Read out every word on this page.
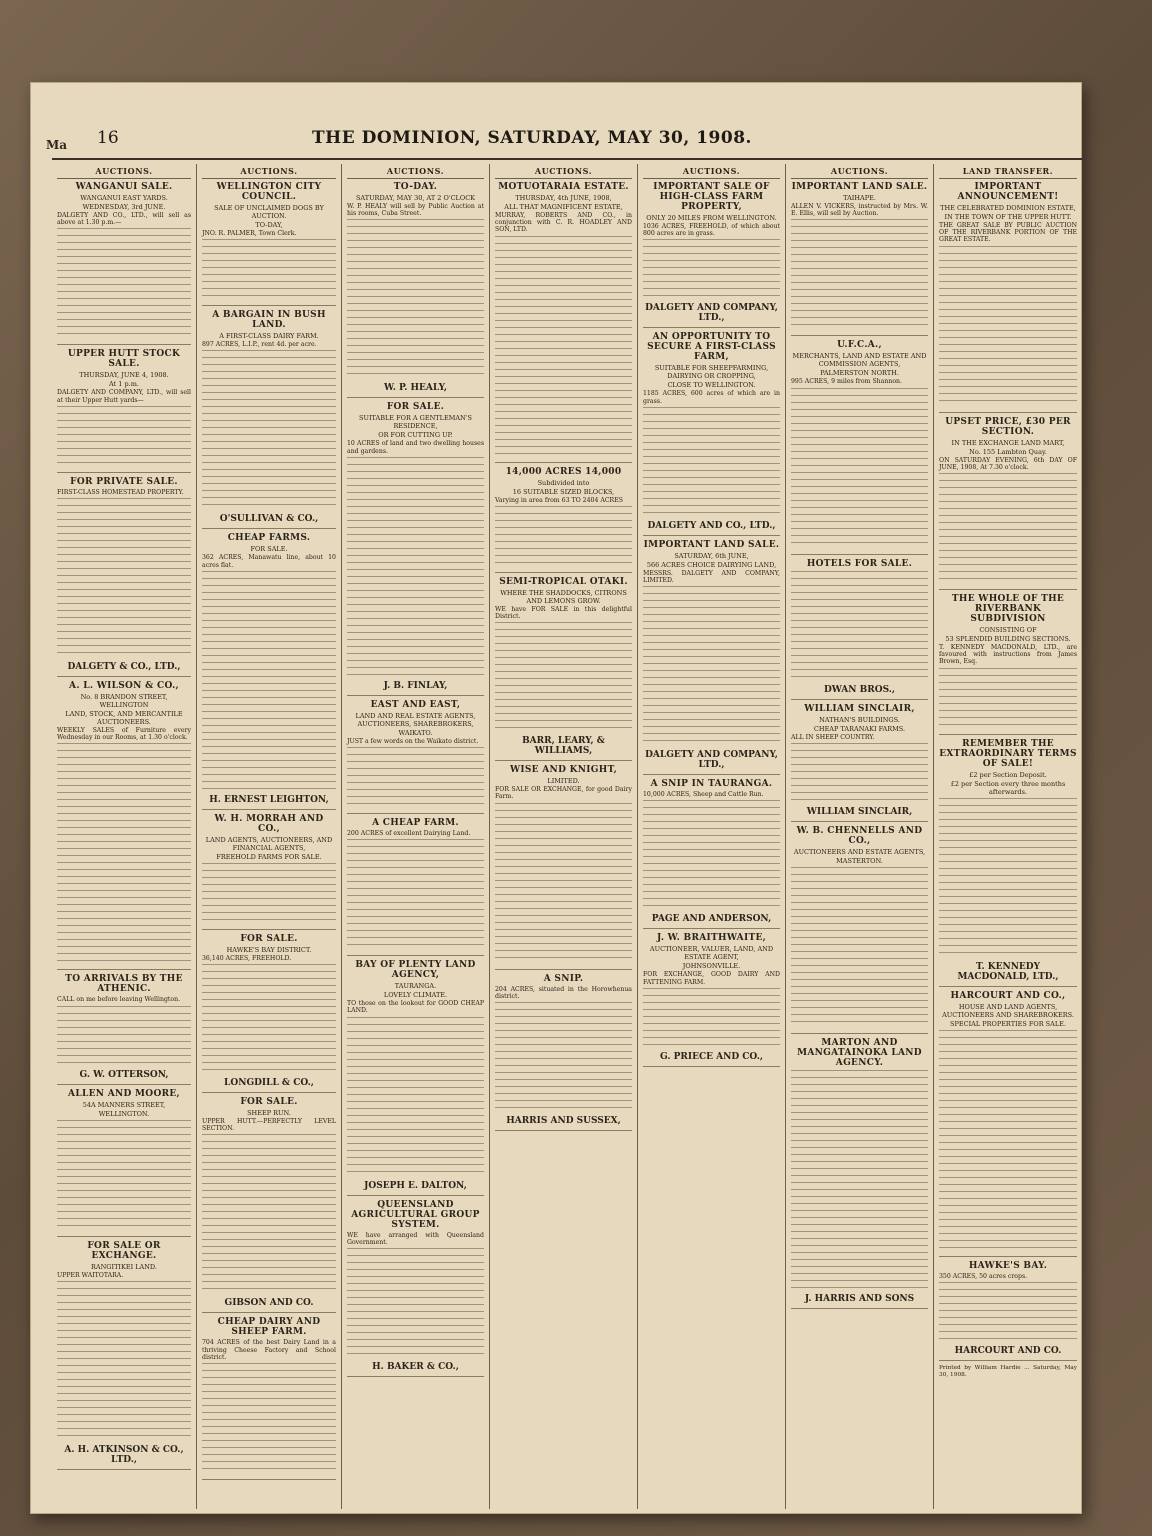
Ma 16	THE DOMINION, SATURDAY, MAY 30, 1908.
AUCTIONS.
WANGANUI SALE.
WANGANUI EAST YARDS.
WEDNESDAY, 3rd JUNE.
DALGETY AND CO., LTD., will sell as above at 1.30 p.m.—
UPPER HUTT STOCK SALE.
THURSDAY, JUNE 4, 1908.
At 1 p.m.
DALGETY AND COMPANY, LTD., will sell at their Upper Hutt yards—
FOR PRIVATE SALE.
FIRST-CLASS HOMESTEAD PROPERTY.
DALGETY & CO., LTD.,
A. L. WILSON & CO.,
No. 8 BRANDON STREET, WELLINGTON
LAND, STOCK, AND MERCANTILE AUCTIONEERS.
WEEKLY SALES of Furniture every Wednesday in our Rooms, at 1.30 o'clock.
TO ARRIVALS BY THE ATHENIC.
CALL on me before leaving Wellington.
G. W. OTTERSON,
ALLEN AND MOORE,
54A MANNERS STREET,
WELLINGTON.
FOR SALE OR EXCHANGE.
RANGITIKEI LAND.
UPPER WAITOTARA.
A. H. ATKINSON & CO., LTD.,
AUCTIONS.
WELLINGTON CITY COUNCIL.
SALE OF UNCLAIMED DOGS BY AUCTION.
TO-DAY,
JNO. R. PALMER, Town Clerk.
A BARGAIN IN BUSH LAND.
A FIRST-CLASS DAIRY FARM.
897 ACRES, L.I.P., rent 4d. per acre.
O'SULLIVAN & CO.,
CHEAP FARMS.
FOR SALE.
362 ACRES, Manawatu line, about 10 acres flat.
H. ERNEST LEIGHTON,
W. H. MORRAH AND CO.,
LAND AGENTS, AUCTIONEERS, AND FINANCIAL AGENTS,
FREEHOLD FARMS FOR SALE.
FOR SALE.
HAWKE'S BAY DISTRICT.
36,140 ACRES, FREEHOLD.
LONGDILL & CO.,
FOR SALE.
SHEEP RUN.
UPPER HUTT.—PERFECTLY LEVEL SECTION.
GIBSON AND CO.
CHEAP DAIRY AND SHEEP FARM.
704 ACRES of the best Dairy Land in a thriving Cheese Factory and School district.
AUCTIONS.
TO-DAY.
SATURDAY, MAY 30, AT 2 O'CLOCK
W. P. HEALY will sell by Public Auction at his rooms, Cuba Street.
W. P. HEALY,
FOR SALE.
SUITABLE FOR A GENTLEMAN'S RESIDENCE,
OR FOR CUTTING UP.
10 ACRES of land and two dwelling houses and gardens.
J. B. FINLAY,
EAST AND EAST,
LAND AND REAL ESTATE AGENTS, AUCTIONEERS, SHAREBROKERS,
WAIKATO.
JUST a few words on the Waikato district.
A CHEAP FARM.
200 ACRES of excellent Dairying Land.
BAY OF PLENTY LAND AGENCY,
TAURANGA.
LOVELY CLIMATE.
TO those on the lookout for GOOD CHEAP LAND.
JOSEPH E. DALTON,
QUEENSLAND AGRICULTURAL GROUP SYSTEM.
WE have arranged with Queensland Government.
H. BAKER & CO.,
AUCTIONS.
MOTUOTARAIA ESTATE.
THURSDAY, 4th JUNE, 1908,
ALL THAT MAGNIFICENT ESTATE,
MURRAY, ROBERTS AND CO., in conjunction with C. R. HOADLEY AND SON, LTD.
14,000 ACRES 14,000
Subdivided into
16 SUITABLE SIZED BLOCKS,
Varying in area from 63 TO 2404 ACRES
SEMI-TROPICAL OTAKI.
WHERE THE SHADDOCKS, CITRONS AND LEMONS GROW.
WE have FOR SALE in this delightful District.
BARR, LEARY, & WILLIAMS,
WISE AND KNIGHT,
LIMITED.
FOR SALE OR EXCHANGE, for good Dairy Farm.
A SNIP.
204 ACRES, situated in the Horowhenua district.
HARRIS AND SUSSEX,
AUCTIONS.
IMPORTANT SALE OF HIGH-CLASS FARM PROPERTY,
ONLY 20 MILES FROM WELLINGTON.
1036 ACRES, FREEHOLD, of which about 800 acres are in grass.
DALGETY AND COMPANY, LTD.,
AN OPPORTUNITY TO SECURE A FIRST-CLASS FARM,
SUITABLE FOR SHEEPFARMING, DAIRYING OR CROPPING,
CLOSE TO WELLINGTON.
1185 ACRES, 600 acres of which are in grass.
DALGETY AND CO., LTD.,
IMPORTANT LAND SALE.
SATURDAY, 6th JUNE,
566 ACRES CHOICE DAIRYING LAND,
MESSRS. DALGETY AND COMPANY, LIMITED.
DALGETY AND COMPANY, LTD.,
A SNIP IN TAURANGA.
10,000 ACRES, Sheep and Cattle Run.
PAGE AND ANDERSON,
J. W. BRAITHWAITE,
AUCTIONEER, VALUER, LAND, AND ESTATE AGENT,
JOHNSONVILLE.
FOR EXCHANGE, GOOD DAIRY AND FATTENING FARM.
G. PRIECE AND CO.,
AUCTIONS.
IMPORTANT LAND SALE.
TAIHAPE.
ALLEN V. VICKERS, instructed by Mrs. W. E. Ellis, will sell by Auction.
U.F.C.A.,
MERCHANTS, LAND AND ESTATE AND COMMISSION AGENTS,
PALMERSTON NORTH.
995 ACRES, 9 miles from Shannon.
HOTELS FOR SALE.
DWAN BROS.,
WILLIAM SINCLAIR,
NATHAN'S BUILDINGS.
CHEAP TARANAKI FARMS.
ALL IN SHEEP COUNTRY.
WILLIAM SINCLAIR,
W. B. CHENNELLS AND CO.,
AUCTIONEERS AND ESTATE AGENTS,
MASTERTON.
MARTON AND MANGATAINOKA LAND AGENCY.
J. HARRIS AND SONS
LAND TRANSFER.
IMPORTANT ANNOUNCEMENT!
THE CELEBRATED DOMINION ESTATE,
IN THE TOWN OF THE UPPER HUTT.
THE GREAT SALE BY PUBLIC AUCTION OF THE RIVERBANK PORTION OF THE GREAT ESTATE.
UPSET PRICE, £30 PER SECTION.
IN THE EXCHANGE LAND MART,
No. 155 Lambton Quay.
ON SATURDAY EVENING, 6th DAY OF JUNE, 1908, At 7.30 o'clock.
THE WHOLE OF THE RIVERBANK SUBDIVISION
CONSISTING OF
53 SPLENDID BUILDING SECTIONS.
T. KENNEDY MACDONALD, LTD., are favoured with instructions from James Brown, Esq.
REMEMBER THE EXTRAORDINARY TERMS OF SALE!
£2 per Section Deposit.
£2 per Section every three months afterwards.
T. KENNEDY MACDONALD, LTD.,
HARCOURT AND CO.,
HOUSE AND LAND AGENTS, AUCTIONEERS AND SHAREBROKERS.
SPECIAL PROPERTIES FOR SALE.
HAWKE'S BAY.
350 ACRES, 50 acres crops.
HARCOURT AND CO.
Printed by William Hardie ... Saturday, May 30, 1908.
